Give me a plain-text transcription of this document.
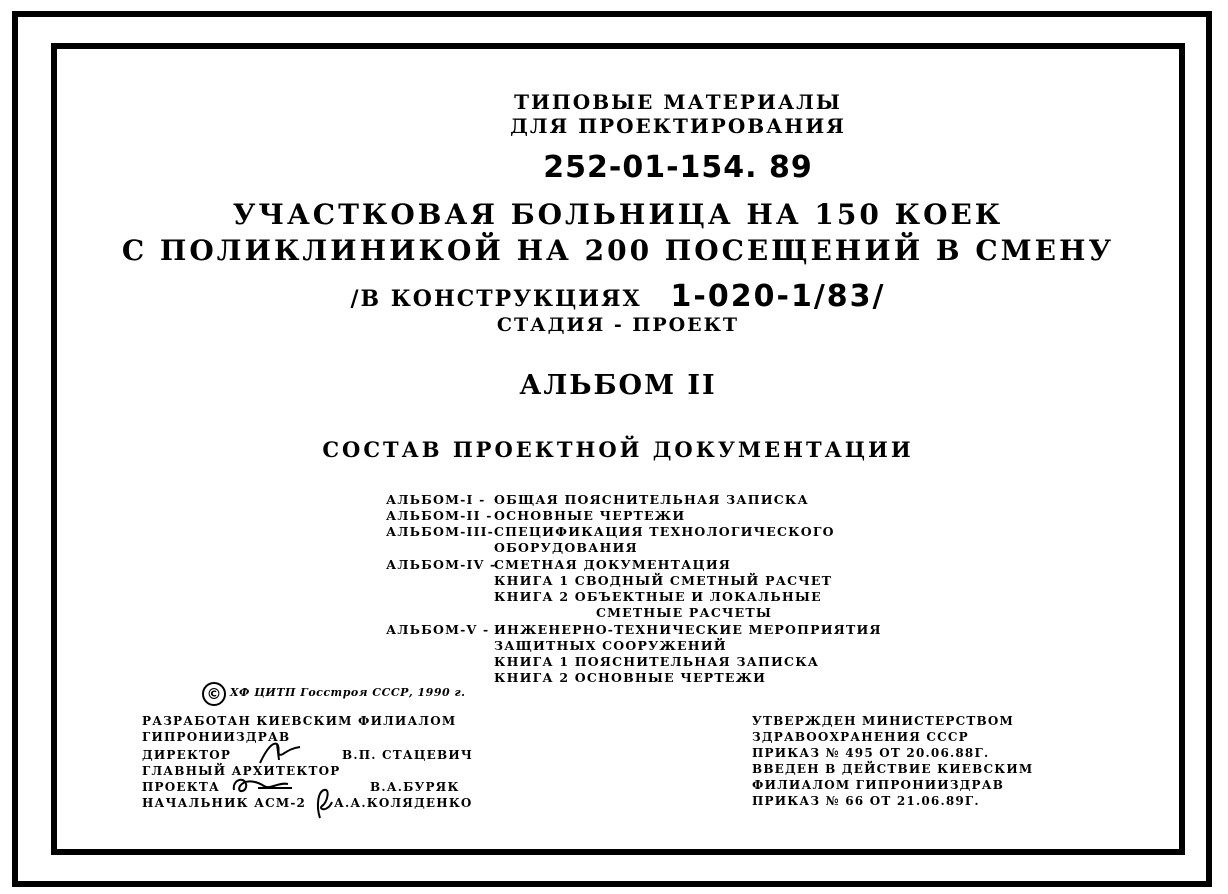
ТИПОВЫЕ МАТЕРИАЛЫ
ДЛЯ ПРОЕКТИРОВАНИЯ
252-01-154. 89
УЧАСТКОВАЯ БОЛЬНИЦА НА 150 КОЕК
С ПОЛИКЛИНИКОЙ НА 200 ПОСЕЩЕНИЙ В СМЕНУ
/В КОНСТРУКЦИЯХ 1-020-1/83/
СТАДИЯ - ПРОЕКТ
АЛЬБОМ II
СОСТАВ ПРОЕКТНОЙ ДОКУМЕНТАЦИИ
АЛЬБОМ-I - ОБЩАЯ ПОЯСНИТЕЛЬНАЯ ЗАПИСКА
АЛЬБОМ-II - ОСНОВНЫЕ ЧЕРТЕЖИ
АЛЬБОМ-III- СПЕЦИФИКАЦИЯ ТЕХНОЛОГИЧЕСКОГО
ОБОРУДОВАНИЯ
АЛЬБОМ-IV -
СМЕТНАЯ ДОКУМЕНТАЦИЯ
КНИГА 1 СВОДНЫЙ СМЕТНЫЙ РАСЧЕТ
КНИГА 2 ОБЪЕКТНЫЕ И ЛОКАЛЬНЫЕ
СМЕТНЫЕ РАСЧЕТЫ
АЛЬБОМ-V - ИНЖЕНЕРНО-ТЕХНИЧЕСКИЕ МЕРОПРИЯТИЯ
ЗАЩИТНЫХ СООРУЖЕНИЙ
КНИГА 1 ПОЯСНИТЕЛЬНАЯ ЗАПИСКА
КНИГА 2 ОСНОВНЫЕ ЧЕРТЕЖИ
© ХФ ЦИТП Госстроя СССР, 1990 г.
РАЗРАБОТАН КИЕВСКИМ ФИЛИАЛОМ
ГИПРОНИИЗДРАВ
ДИРЕКТОР	В.П. СТАЦЕВИЧ
ГЛАВНЫЙ АРХИТЕКТОР
ПРОЕКТА	В.А.БУРЯК
НАЧАЛЬНИК АСМ-2 А.А.КОЛЯДЕНКО
УТВЕРЖДЕН МИНИСТЕРСТВОМ
ЗДРАВООХРАНЕНИЯ СССР
ПРИКАЗ № 495 ОТ 20.06.88Г.
ВВЕДЕН В ДЕЙСТВИЕ КИЕВСКИМ
ФИЛИАЛОМ ГИПРОНИИЗДРАВ
ПРИКАЗ № 66 ОТ 21.06.89Г.
